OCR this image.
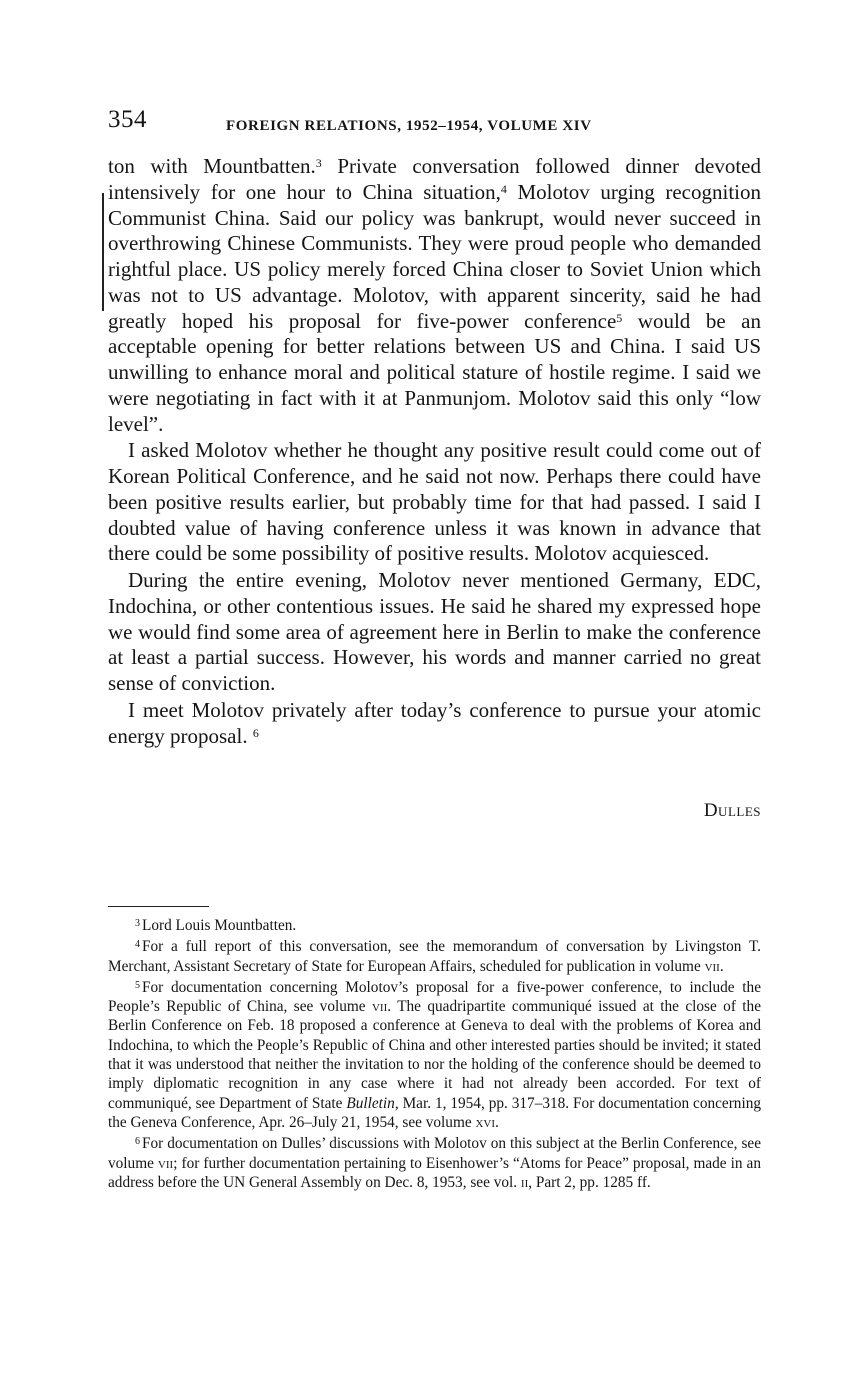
354	FOREIGN RELATIONS, 1952–1954, VOLUME XIV

ton with Mountbatten.$^3$ Private conversation followed dinner devoted intensively for one hour to China situation,$^4$ Molotov urging recognition Communist China. Said our policy was bankrupt, would never succeed in overthrowing Chinese Communists. They were proud people who demanded rightful place. US policy merely forced China closer to Soviet Union which was not to US advantage. Molotov, with apparent sincerity, said he had greatly hoped his proposal for five-power conference$^5$ would be an acceptable opening for better relations between US and China. I said US unwilling to enhance moral and political stature of hostile regime. I said we were negotiating in fact with it at Panmunjom. Molotov said this only “low level”.

I asked Molotov whether he thought any positive result could come out of Korean Political Conference, and he said not now. Perhaps there could have been positive results earlier, but probably time for that had passed. I said I doubted value of having conference unless it was known in advance that there could be some possibility of positive results. Molotov acquiesced.

During the entire evening, Molotov never mentioned Germany, EDC, Indochina, or other contentious issues. He said he shared my expressed hope we would find some area of agreement here in Berlin to make the conference at least a partial success. However, his words and manner carried no great sense of conviction.

I meet Molotov privately after today’s conference to pursue your atomic energy proposal. $^6$

Dulles

$^3$ Lord Louis Mountbatten.

$^4$ For a full report of this conversation, see the memorandum of conversation by Livingston T. Merchant, Assistant Secretary of State for European Affairs, scheduled for publication in volume vii.

$^5$ For documentation concerning Molotov’s proposal for a five-power conference, to include the People’s Republic of China, see volume vii. The quadripartite communiqué issued at the close of the Berlin Conference on Feb. 18 proposed a conference at Geneva to deal with the problems of Korea and Indochina, to which the People’s Republic of China and other interested parties should be invited; it stated that it was understood that neither the invitation to nor the holding of the conference should be deemed to imply diplomatic recognition in any case where it had not already been accorded. For text of communiqué, see Department of State Bulletin, Mar. 1, 1954, pp. 317–318. For documentation concerning the Geneva Conference, Apr. 26–July 21, 1954, see volume xvi.

$^6$ For documentation on Dulles’ discussions with Molotov on this subject at the Berlin Conference, see volume vii; for further documentation pertaining to Eisenhower’s “Atoms for Peace” proposal, made in an address before the UN General Assembly on Dec. 8, 1953, see vol. ii, Part 2, pp. 1285 ff.
